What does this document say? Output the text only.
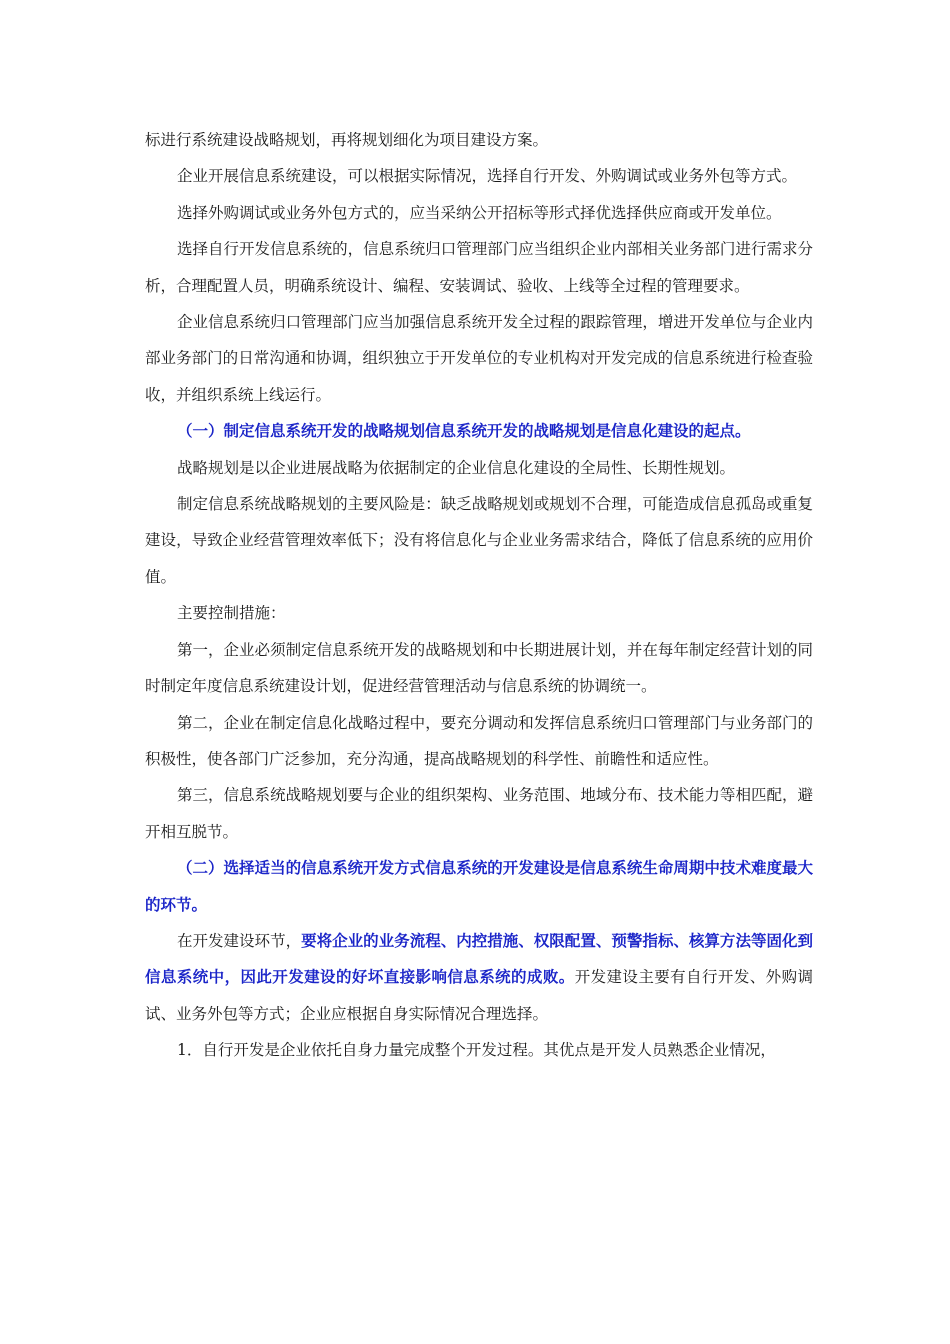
标进行系统建设战略规划，再将规划细化为项目建设方案。

企业开展信息系统建设，可以根据实际情况，选择自行开发、外购调试或业务外包等方式。

选择外购调试或业务外包方式的，应当采纳公开招标等形式择优选择供应商或开发单位。

选择自行开发信息系统的，信息系统归口管理部门应当组织企业内部相关业务部门进行需求分析，合理配置人员，明确系统设计、编程、安装调试、验收、上线等全过程的管理要求。

企业信息系统归口管理部门应当加强信息系统开发全过程的跟踪管理，增进开发单位与企业内部业务部门的日常沟通和协调，组织独立于开发单位的专业机构对开发完成的信息系统进行检查验收，并组织系统上线运行。

（一）制定信息系统开发的战略规划信息系统开发的战略规划是信息化建设的起点。

战略规划是以企业进展战略为依据制定的企业信息化建设的全局性、长期性规划。

制定信息系统战略规划的主要风险是：缺乏战略规划或规划不合理，可能造成信息孤岛或重复建设，导致企业经营管理效率低下；没有将信息化与企业业务需求结合，降低了信息系统的应用价值。

主要控制措施：

第一，企业必须制定信息系统开发的战略规划和中长期进展计划，并在每年制定经营计划的同时制定年度信息系统建设计划，促进经营管理活动与信息系统的协调统一。

第二，企业在制定信息化战略过程中，要充分调动和发挥信息系统归口管理部门与业务部门的积极性，使各部门广泛参加，充分沟通，提高战略规划的科学性、前瞻性和适应性。

第三，信息系统战略规划要与企业的组织架构、业务范围、地域分布、技术能力等相匹配，避开相互脱节。

（二）选择适当的信息系统开发方式信息系统的开发建设是信息系统生命周期中技术难度最大的环节。

在开发建设环节，要将企业的业务流程、内控措施、权限配置、预警指标、核算方法等固化到信息系统中，因此开发建设的好坏直接影响信息系统的成败。开发建设主要有自行开发、外购调试、业务外包等方式；企业应根据自身实际情况合理选择。

1．自行开发是企业依托自身力量完成整个开发过程。其优点是开发人员熟悉企业情况，
